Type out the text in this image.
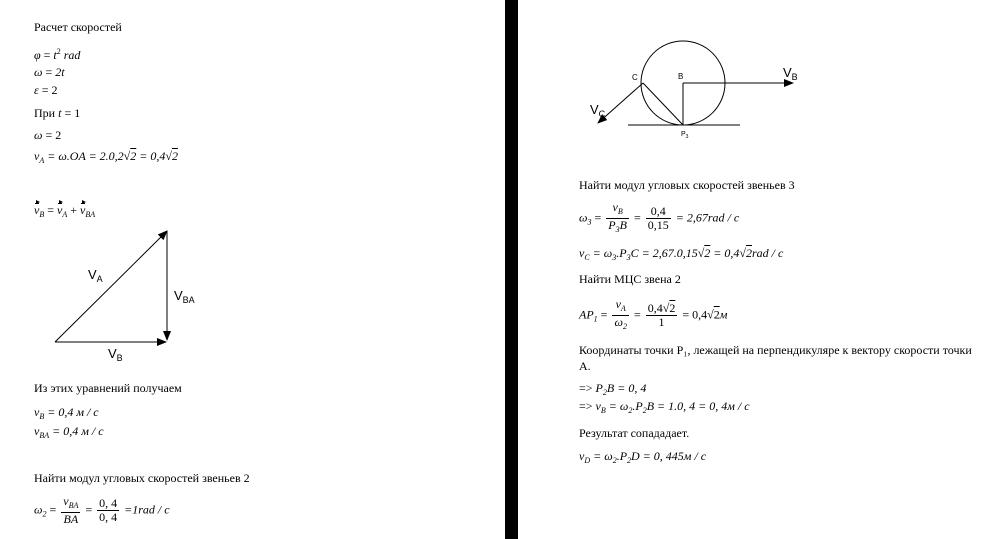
Расчет скоростей
$\varphi = t^2$ rad
ω = 2t
ε = 2
При t = 1
ω = 2
$v_A = \omega.OA = 2.0,2√2 = 0,4√2$
$v_B = v_A + v_{BA}$
$V_A$
$V_{BA}$
$V_B$
Из этих уравнений получаем
$v_B = 0,4$ м / с
$v_{BA} = 0,4$ м / с
Найти модул угловых скоростей звеньев 2
$\omega_2 = \frac{v_{BA}}{BA} = \frac{0, 4}{0, 4} =1rad / c$
C	B
$P_3$
$V_B$
$V_C$
Найти модул угловых скоростей звеньев 3
$\omega_3 = \frac{v_B}{P_3B} = \frac{0,4}{0,15} = 2,67rad / c$
$v_C = \omega_3.P_3C = 2,67.0,15√2 = 0,4√2rad / c$
Найти МЦС звена 2
$AP_1 = \frac{v_A}{\omega_2} = \frac{0,4√2}{1} = 0,4√2м$
Координаты точки P₁, лежащей на перпендикуляре к вектору скорости точки
A.
=> $P_2B = 0$, 4
=> $v_B = \omega_2.P_2B = 1.0$, 4 = 0, 4м / с
Результат сопададает.
$v_D = \omega_2.P_2D = 0$, 445м / с
